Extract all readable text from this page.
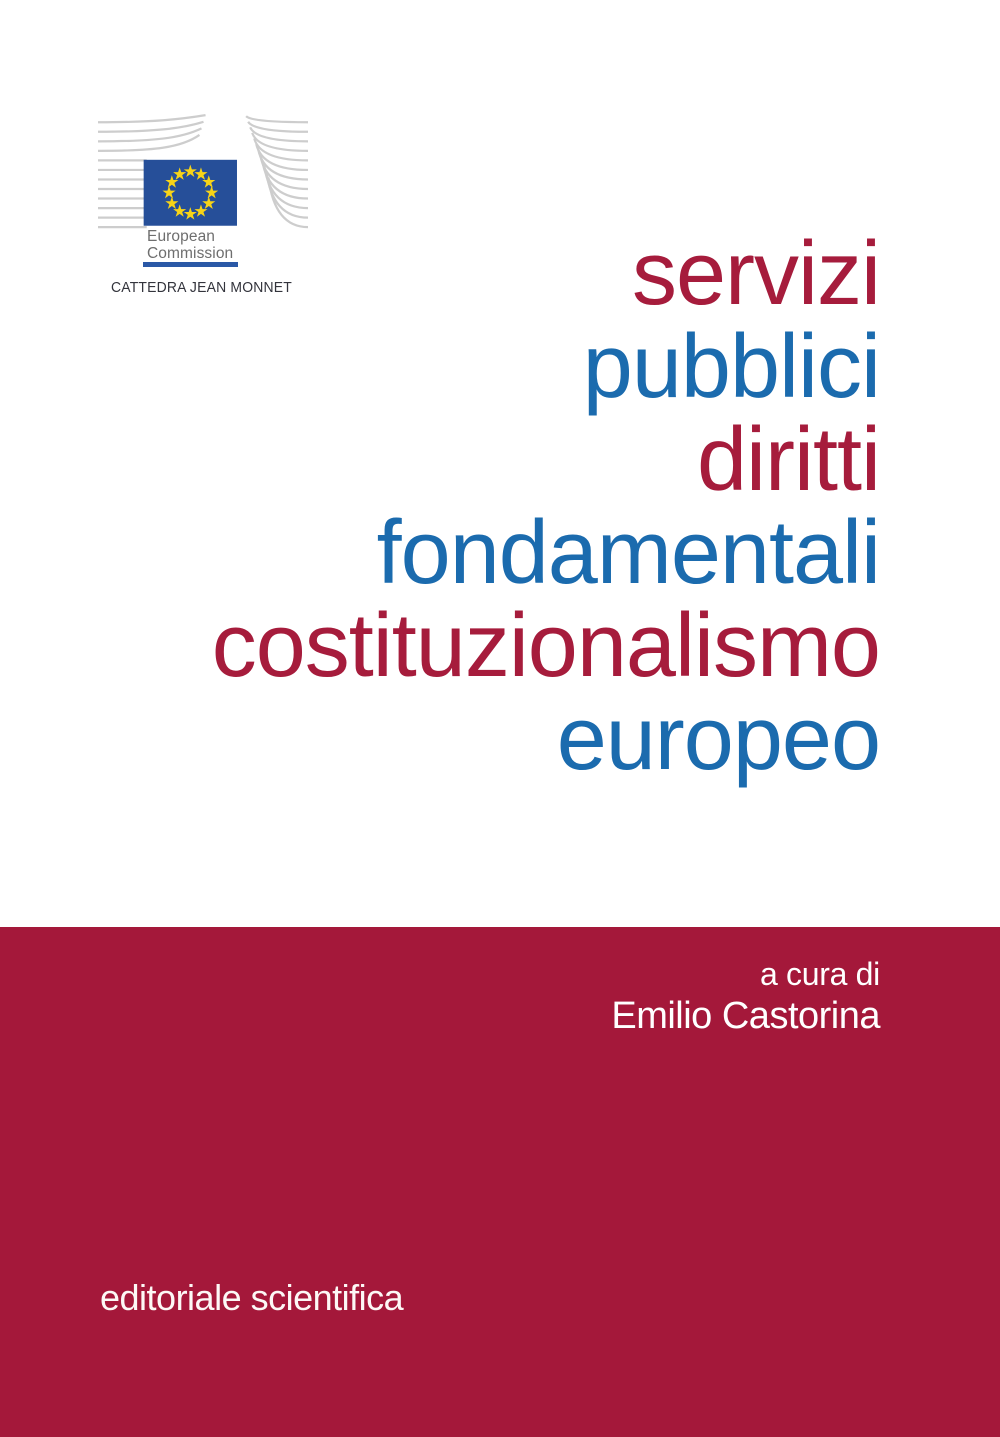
European
Commission
CATTEDRA JEAN MONNET	servizi
pubblici
diritti
fondamentali
costituzionalismo
europeo
a cura di
Emilio Castorina
editoriale scientifica
